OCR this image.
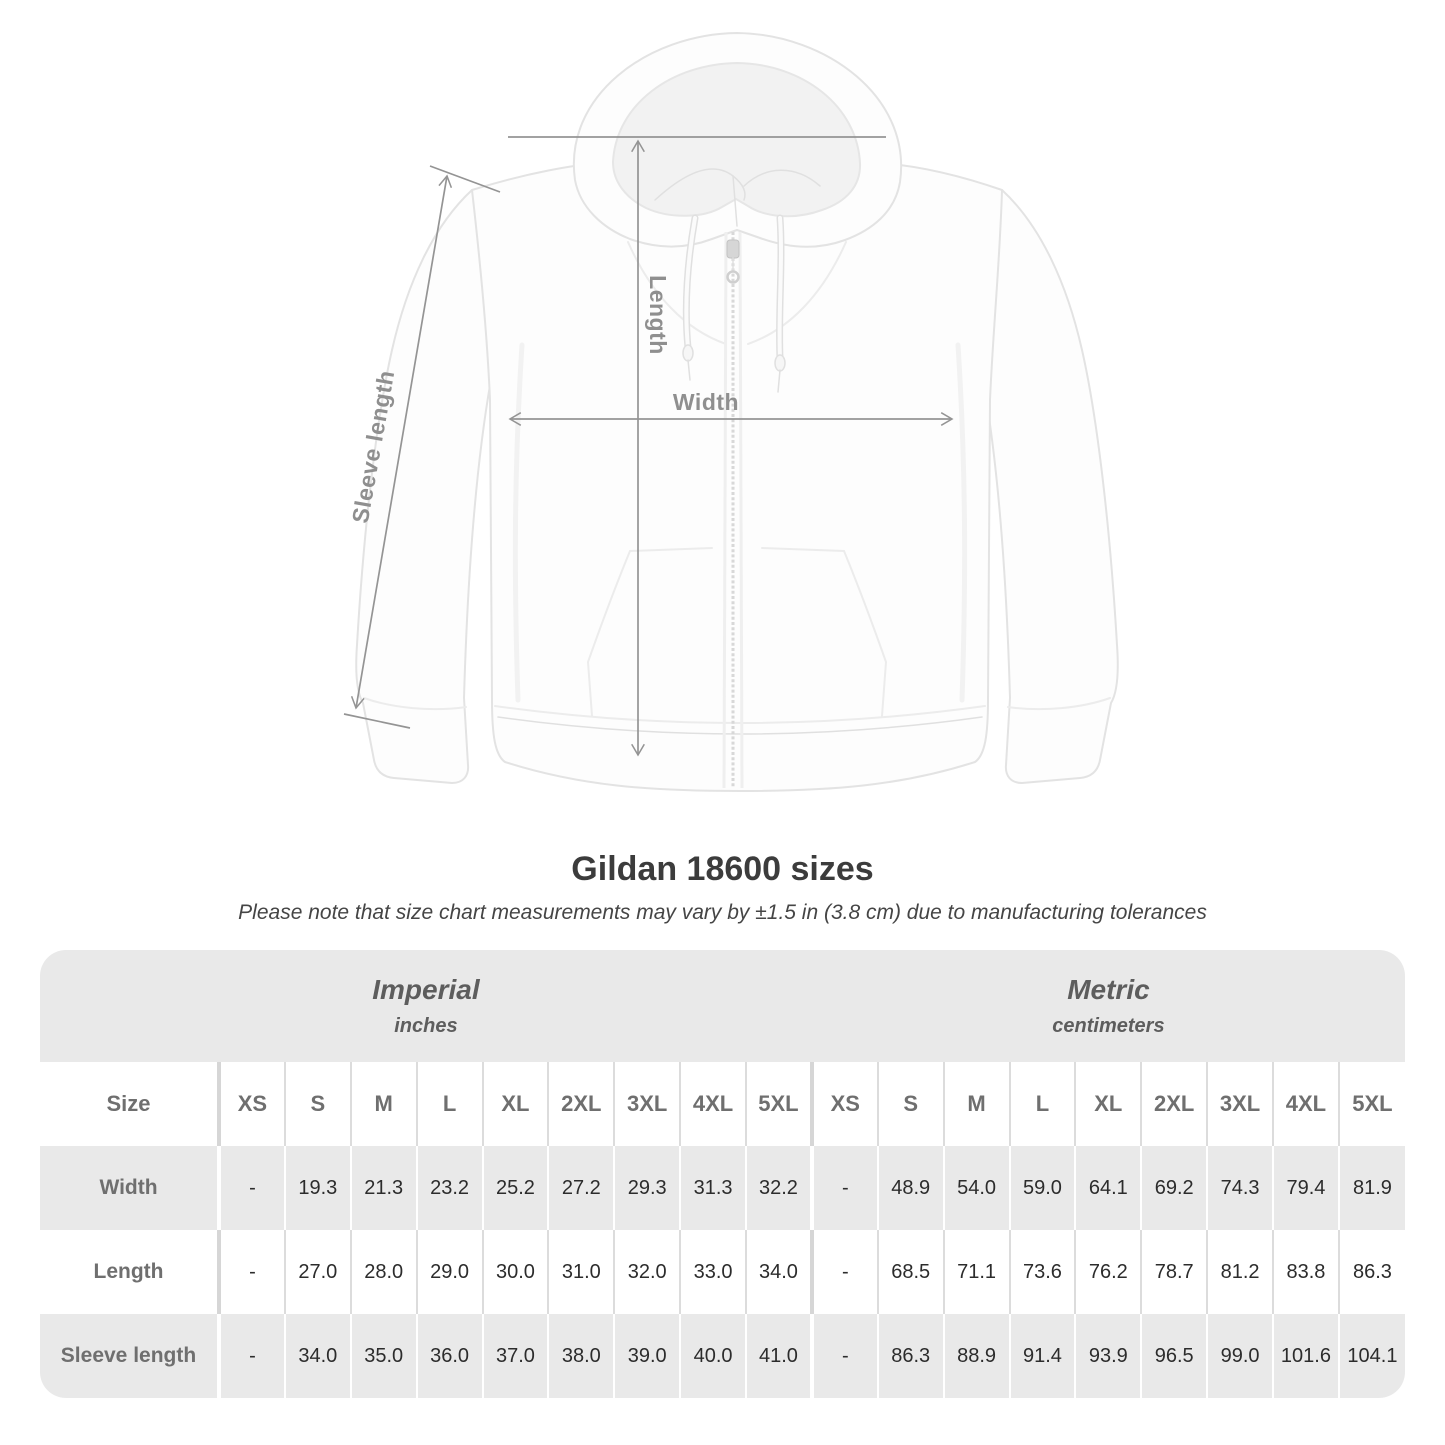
Length
Width
Sleeve length
Gildan 18600 sizes
Please note that size chart measurements may vary by ±1.5 in (3.8 cm) due to manufacturing tolerances
Imperial
inches

Metric
centimeters

Size	XS	S	M	L	XL	2XL	3XL	4XL	5XL	XS	S	M	L	XL	2XL	3XL	4XL	5XL
Width	-	19.3	21.3	23.2	25.2	27.2	29.3	31.3	32.2	-	48.9	54.0	59.0	64.1	69.2	74.3	79.4	81.9
Length	-	27.0	28.0	29.0	30.0	31.0	32.0	33.0	34.0	-	68.5	71.1	73.6	76.2	78.7	81.2	83.8	86.3
Sleeve length	-	34.0	35.0	36.0	37.0	38.0	39.0	40.0	41.0	-	86.3	88.9	91.4	93.9	96.5	99.0	101.6	104.1
